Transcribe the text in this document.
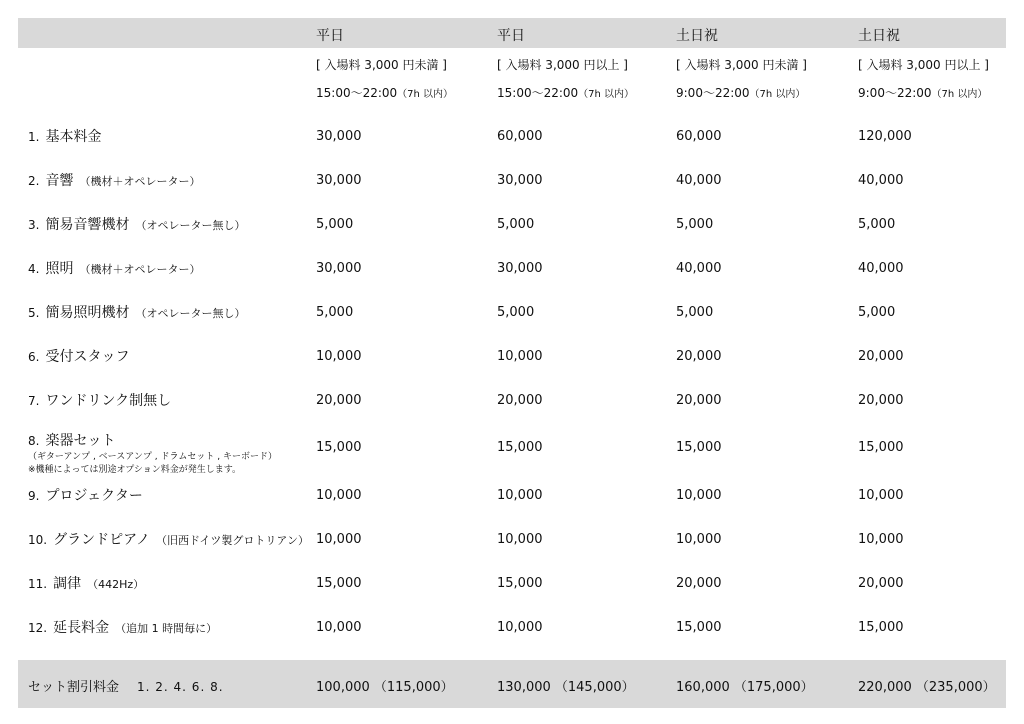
平日	平日	土日祝	土日祝
[ 入場料 3,000 円未満 ]	[ 入場料 3,000 円以上 ]	[ 入場料 3,000 円未満 ]	[ 入場料 3,000 円以上 ]
15:00〜22:00（7h 以内）	15:00〜22:00（7h 以内）	9:00〜22:00（7h 以内）	9:00〜22:00（7h 以内）
1. 基本料金	30,000	60,000	60,000	120,000
2. 音響 （機材＋オペレーター）	30,000	30,000	40,000	40,000
3. 簡易音響機材 （オペレーター無し）	5,000	5,000	5,000	5,000
4. 照明 （機材＋オペレーター）	30,000	30,000	40,000	40,000
5. 簡易照明機材 （オペレーター無し）	5,000	5,000	5,000	5,000
6. 受付スタッフ	10,000	10,000	20,000	20,000
7. ワンドリンク制無し	20,000	20,000	20,000	20,000
8. 楽器セット	15,000	15,000	15,000	15,000
（ギターアンプ , ベースアンプ , ドラムセット , キーボード）
※機種によっては別途オプション料金が発生します。
9. プロジェクター	10,000	10,000	10,000	10,000
10. グランドピアノ （旧西ドイツ製グロトリアン） 10,000	10,000	10,000	10,000
11. 調律 （442Hz）	15,000	15,000	20,000	20,000
12. 延長料金 （追加 1 時間毎に）	10,000	10,000	15,000	15,000
セット割引料金 1. 2. 4. 6. 8.	100,000 （115,000）	130,000 （145,000）	160,000 （175,000）	220,000 （235,000）
